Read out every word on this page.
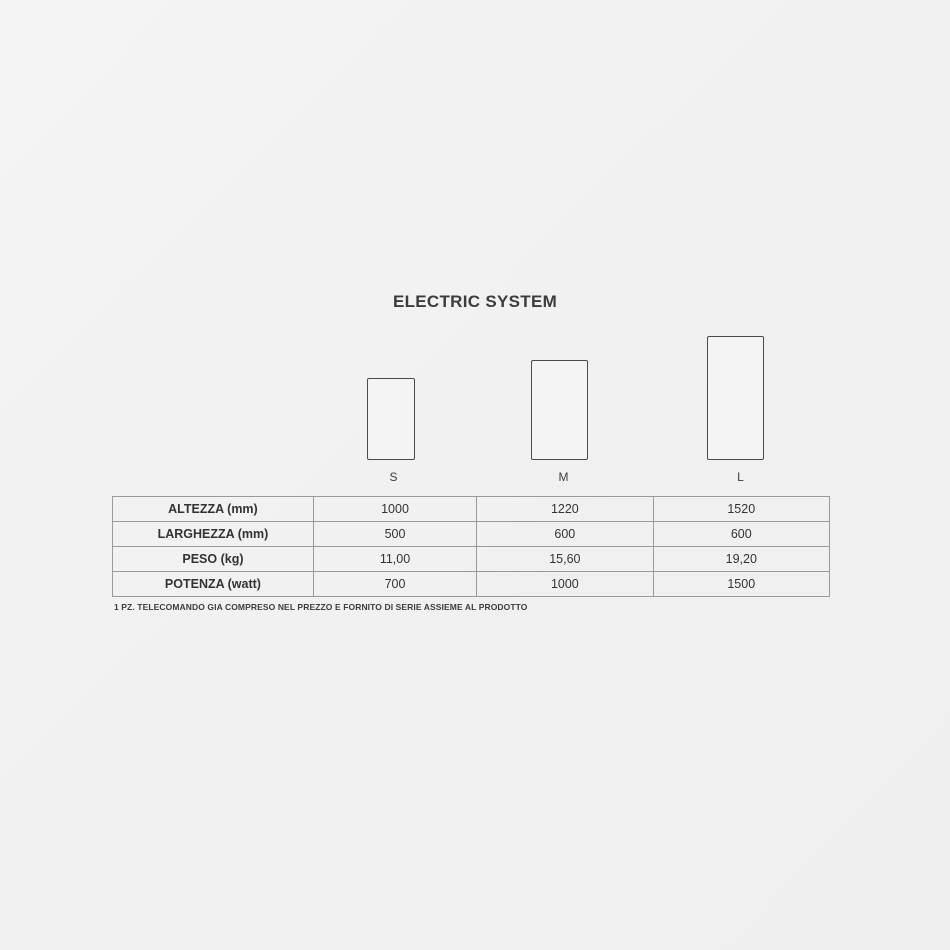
ELECTRIC SYSTEM
S	M	L
ALTEZZA (mm)	1000	1220	1520
LARGHEZZA (mm)	500	600	600
PESO (kg)	11,00	15,60	19,20
POTENZA (watt)	700	1000	1500
1 PZ. TELECOMANDO GIA COMPRESO NEL PREZZO E FORNITO DI SERIE ASSIEME AL PRODOTTO
